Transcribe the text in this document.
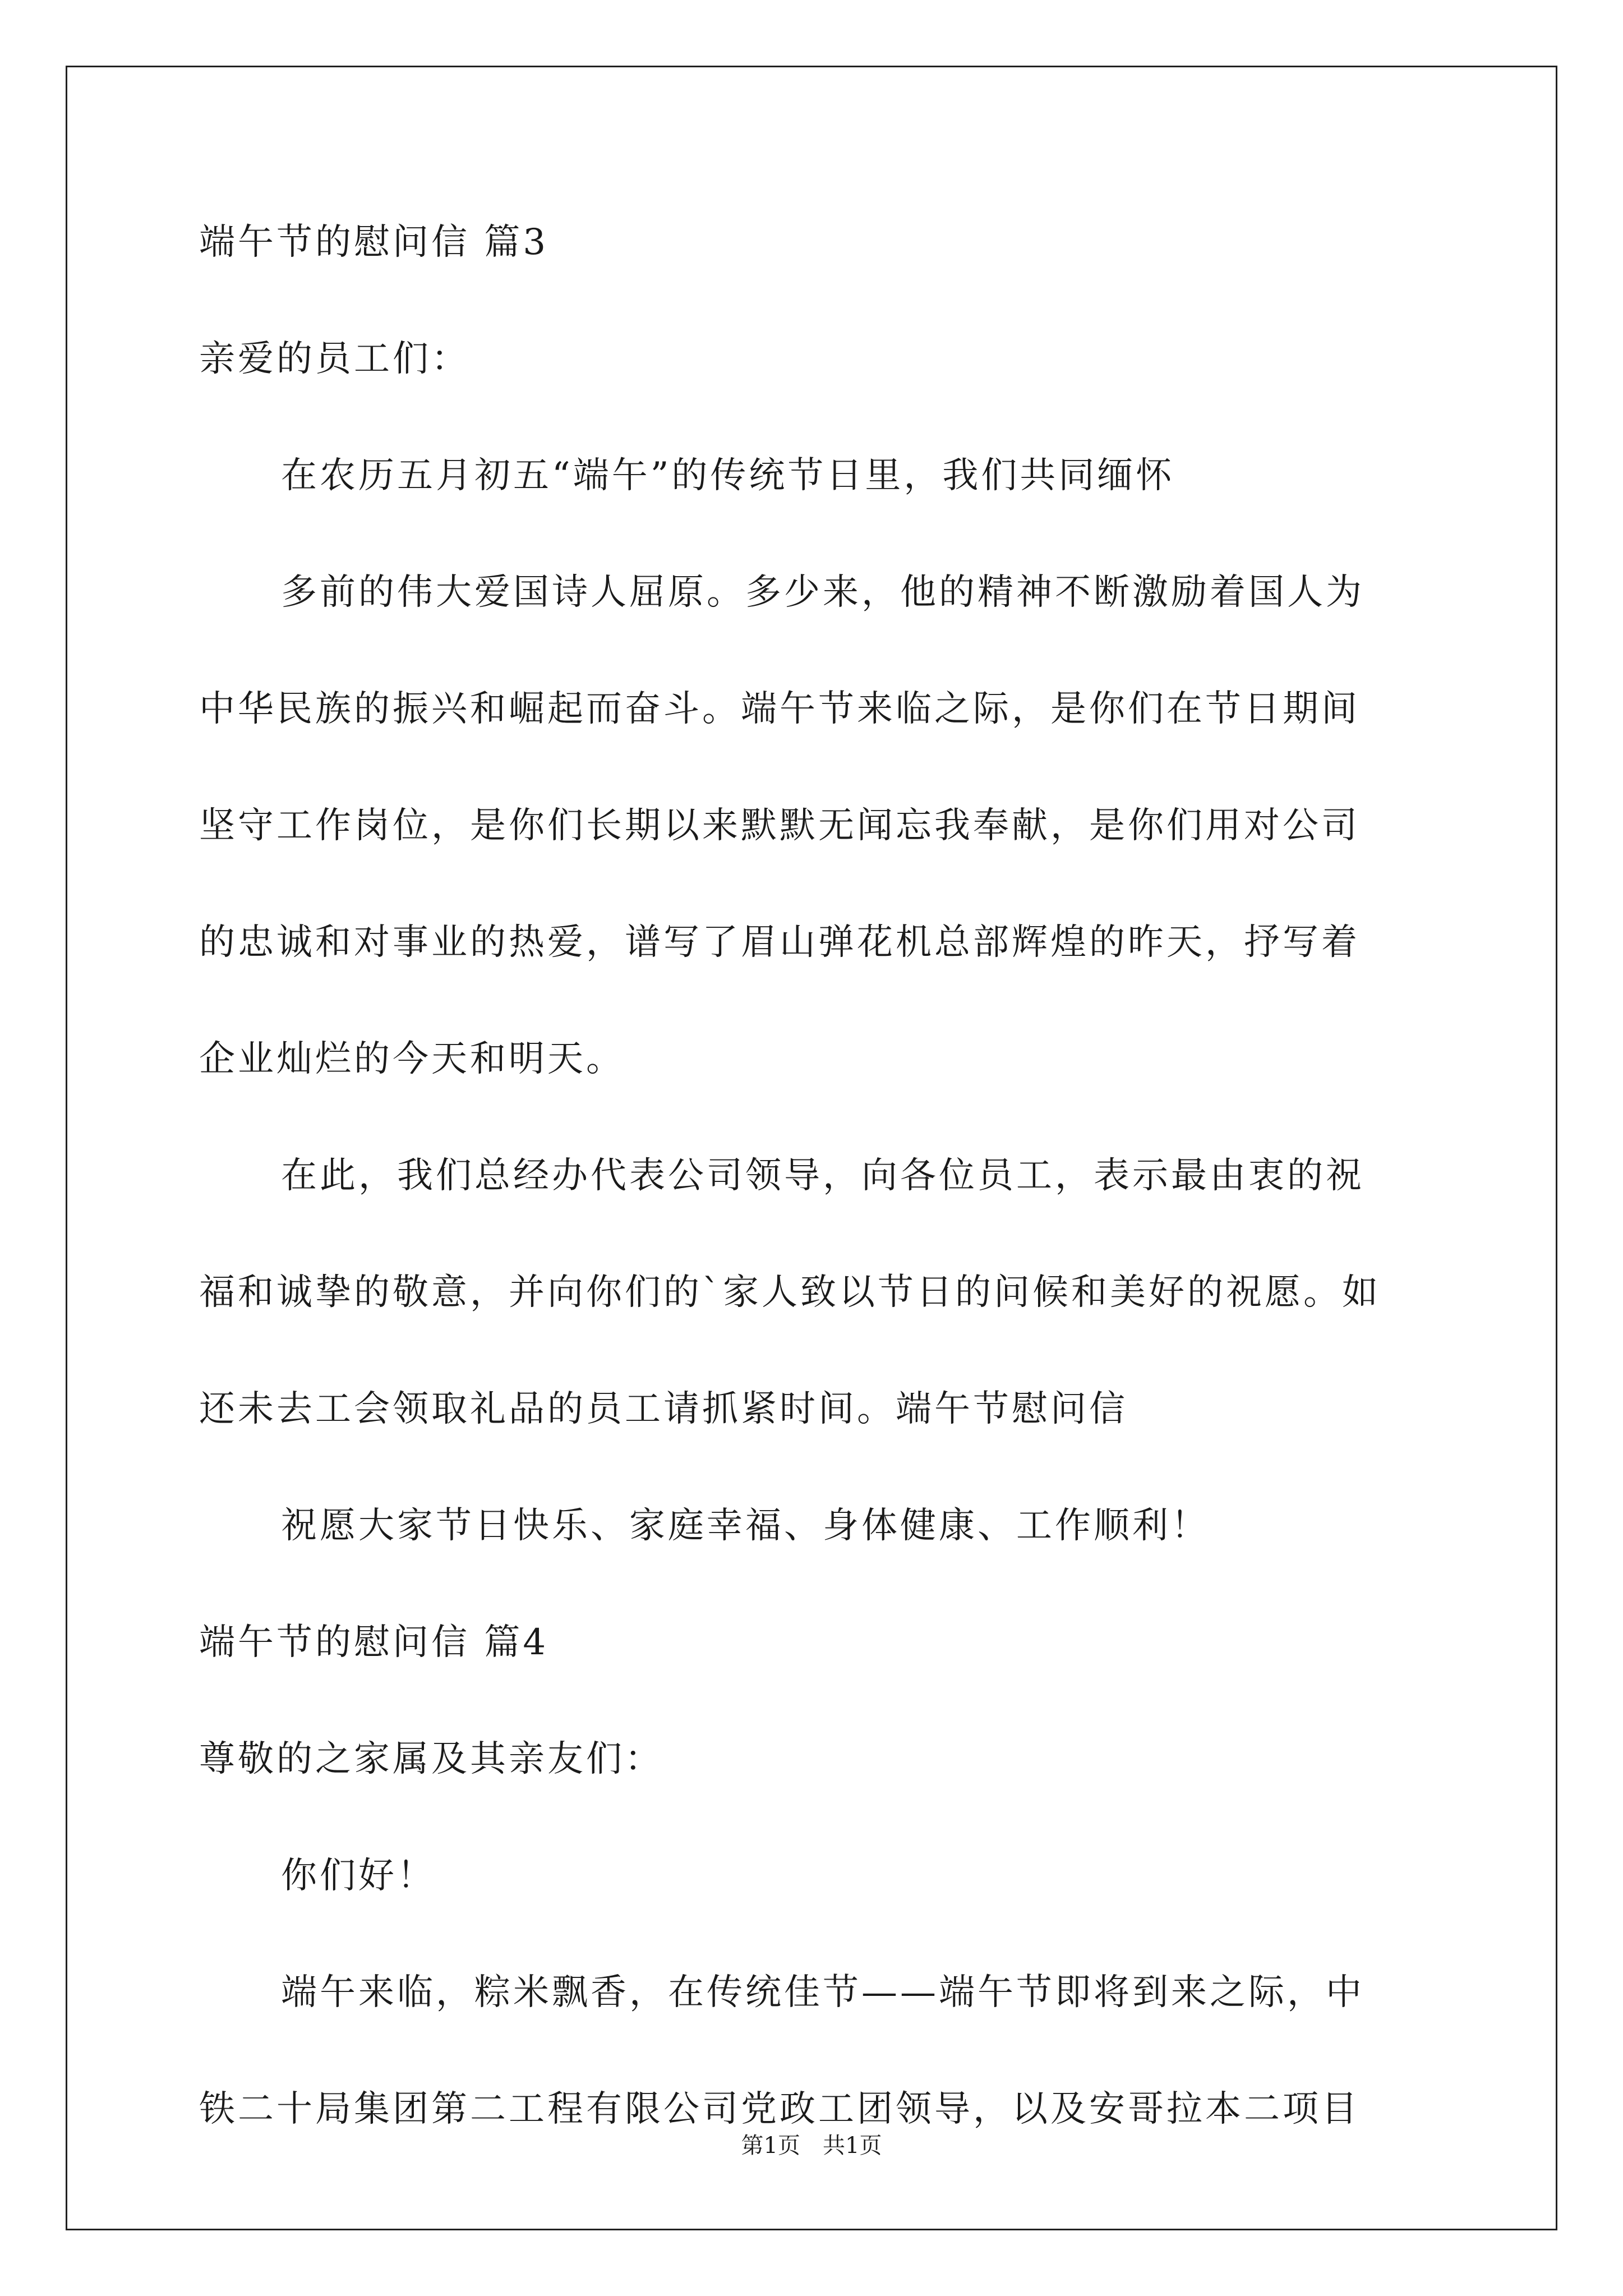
端午节的慰问信 篇3
亲爱的员工们：
在农历五月初五“端午”的传统节日里，我们共同缅怀
多前的伟大爱国诗人屈原。多少来，他的精神不断激励着国人为
中华民族的振兴和崛起而奋斗。端午节来临之际，是你们在节日期间
坚守工作岗位，是你们长期以来默默无闻忘我奉献，是你们用对公司
的忠诚和对事业的热爱，谱写了眉山弹花机总部辉煌的昨天，抒写着
企业灿烂的今天和明天。
在此，我们总经办代表公司领导，向各位员工，表示最由衷的祝
福和诚挚的敬意，并向你们的`家人致以节日的问候和美好的祝愿。如
还未去工会领取礼品的员工请抓紧时间。端午节慰问信
祝愿大家节日快乐、家庭幸福、身体健康、工作顺利！
端午节的慰问信 篇4
尊敬的之家属及其亲友们：
你们好！
端午来临，粽米飘香，在传统佳节——端午节即将到来之际，中
铁二十局集团第二工程有限公司党政工团领导，以及安哥拉本二项目
第1页 共1页
